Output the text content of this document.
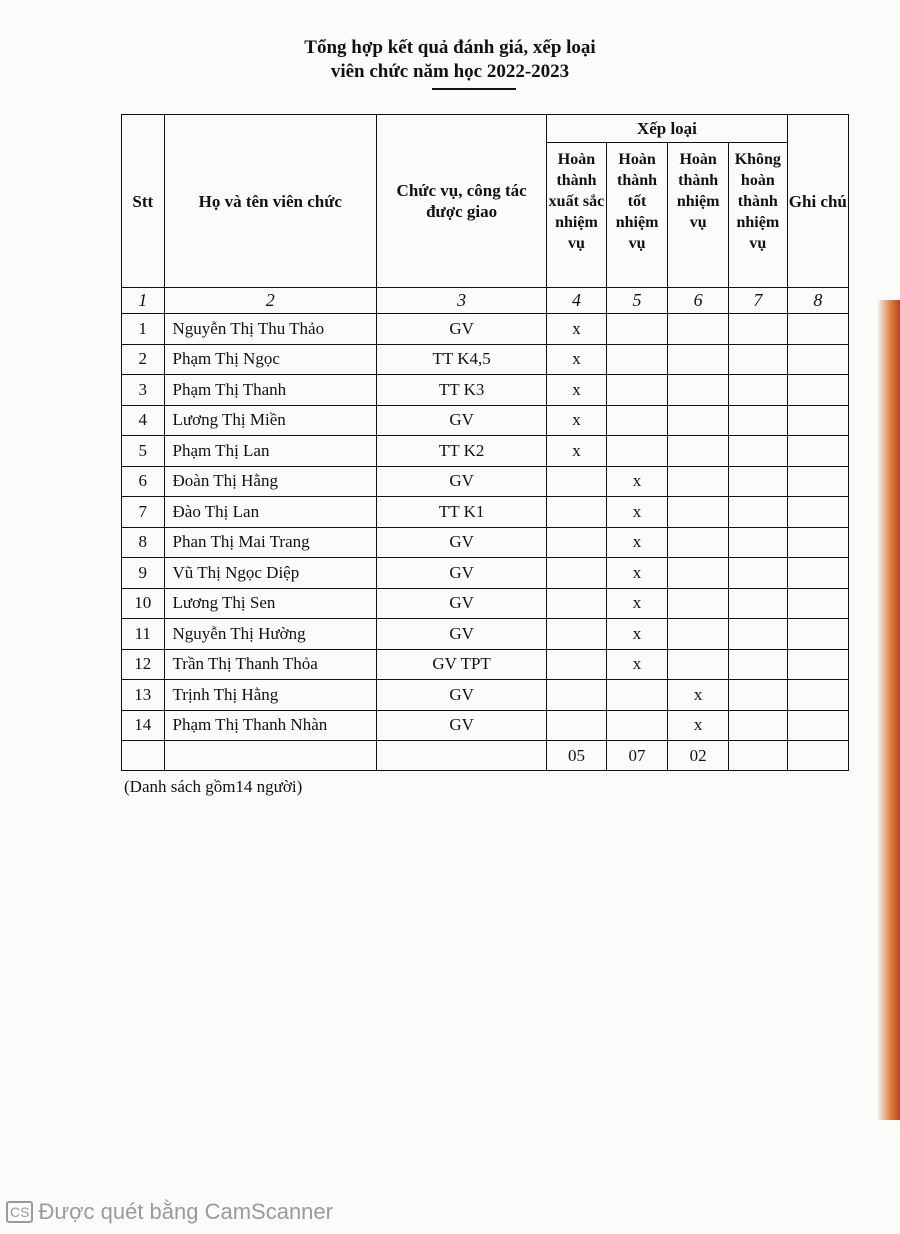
Tổng hợp kết quả đánh giá, xếp loại
viên chức năm học 2022-2023
Stt	Họ và tên viên chức	Chức vụ, công tác được giao	Xếp loại				Ghi chú
			Hoàn thành xuất sắc nhiệm vụ	Hoàn thành tốt nhiệm vụ	Hoàn thành nhiệm vụ	Không hoàn thành nhiệm vụ	
1	2	3	4	5	6	7	8
1	Nguyễn Thị Thu Thảo	GV	x				
2	Phạm Thị Ngọc	TT K4,5	x				
3	Phạm Thị Thanh	TT K3	x				
4	Lương Thị Miền	GV	x				
5	Phạm Thị Lan	TT K2	x				
6	Đoàn Thị Hằng	GV		x			
7	Đào Thị Lan	TT K1		x			
8	Phan Thị Mai Trang	GV		x			
9	Vũ Thị Ngọc Diệp	GV		x			
10	Lương Thị Sen	GV		x			
11	Nguyễn Thị Hường	GV		x			
12	Trần Thị Thanh Thỏa	GV TPT		x			
13	Trịnh Thị Hằng	GV			x		
14	Phạm Thị Thanh Nhàn	GV			x		
			05	07	02		
(Danh sách gồm14 người)
CS Được quét bằng CamScanner
